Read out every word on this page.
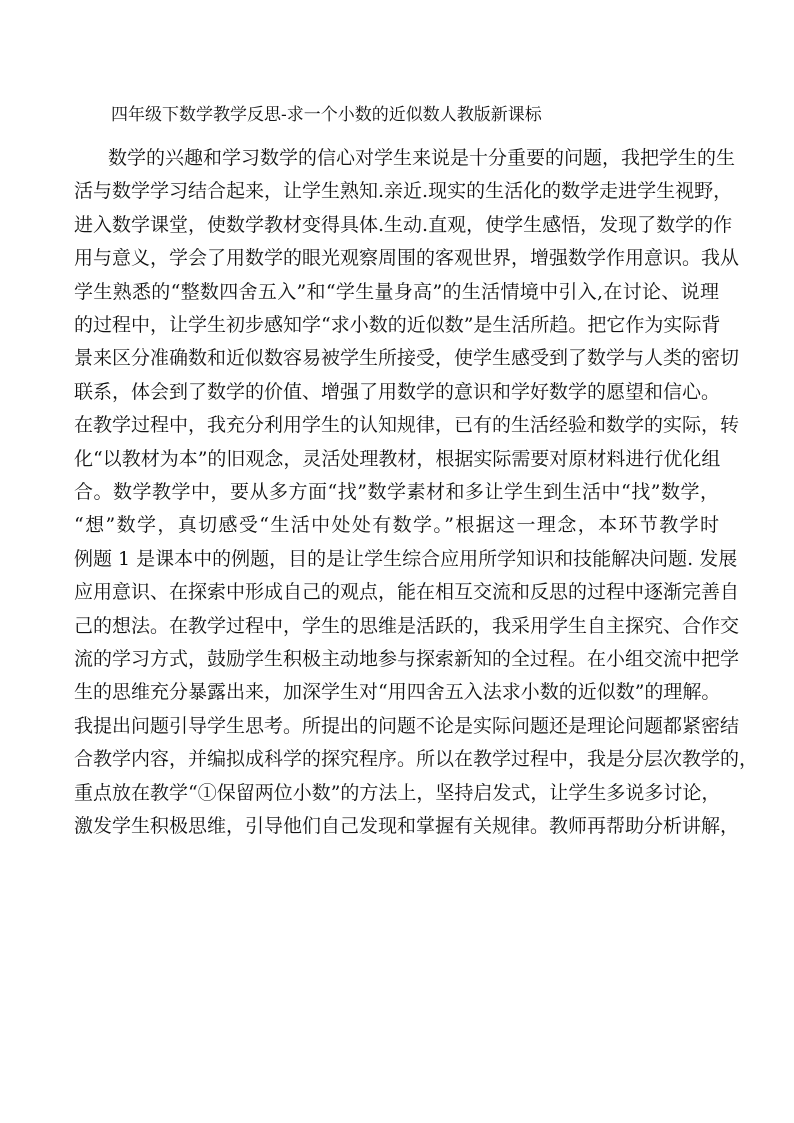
四年级下数学教学反思-求一个小数的近似数人教版新课标
数学的兴趣和学习数学的信心对学生来说是十分重要的问题，我把学生的生
活与数学学习结合起来，让学生熟知.亲近.现实的生活化的数学走进学生视野，
进入数学课堂，使数学教材变得具体.生动.直观，使学生感悟，发现了数学的作
用与意义，学会了用数学的眼光观察周围的客观世界，增强数学作用意识。我从
学生熟悉的“整数四舍五入”和“学生量身高”的生活情境中引入,在讨论、说理
的过程中，让学生初步感知学“求小数的近似数”是生活所趋。把它作为实际背
景来区分准确数和近似数容易被学生所接受，使学生感受到了数学与人类的密切
联系，体会到了数学的价值、增强了用数学的意识和学好数学的愿望和信心。
在教学过程中，我充分利用学生的认知规律，已有的生活经验和数学的实际，转
化“以教材为本”的旧观念，灵活处理教材，根据实际需要对原材料进行优化组
合。数学教学中，要从多方面“找”数学素材和多让学生到生活中“找”数学，
“想”数学，真切感受“生活中处处有数学。”根据这一理念，本环节教学时
例题 1 是课本中的例题，目的是让学生综合应用所学知识和技能解决问题. 发展
应用意识、在探索中形成自己的观点，能在相互交流和反思的过程中逐渐完善自
己的想法。在教学过程中，学生的思维是活跃的，我采用学生自主探究、合作交
流的学习方式，鼓励学生积极主动地参与探索新知的全过程。在小组交流中把学
生的思维充分暴露出来，加深学生对“用四舍五入法求小数的近似数”的理解。
我提出问题引导学生思考。所提出的问题不论是实际问题还是理论问题都紧密结
合教学内容，并编拟成科学的探究程序。所以在教学过程中，我是分层次教学的，
重点放在教学“①保留两位小数”的方法上，坚持启发式，让学生多说多讨论，
激发学生积极思维，引导他们自己发现和掌握有关规律。教师再帮助分析讲解，
